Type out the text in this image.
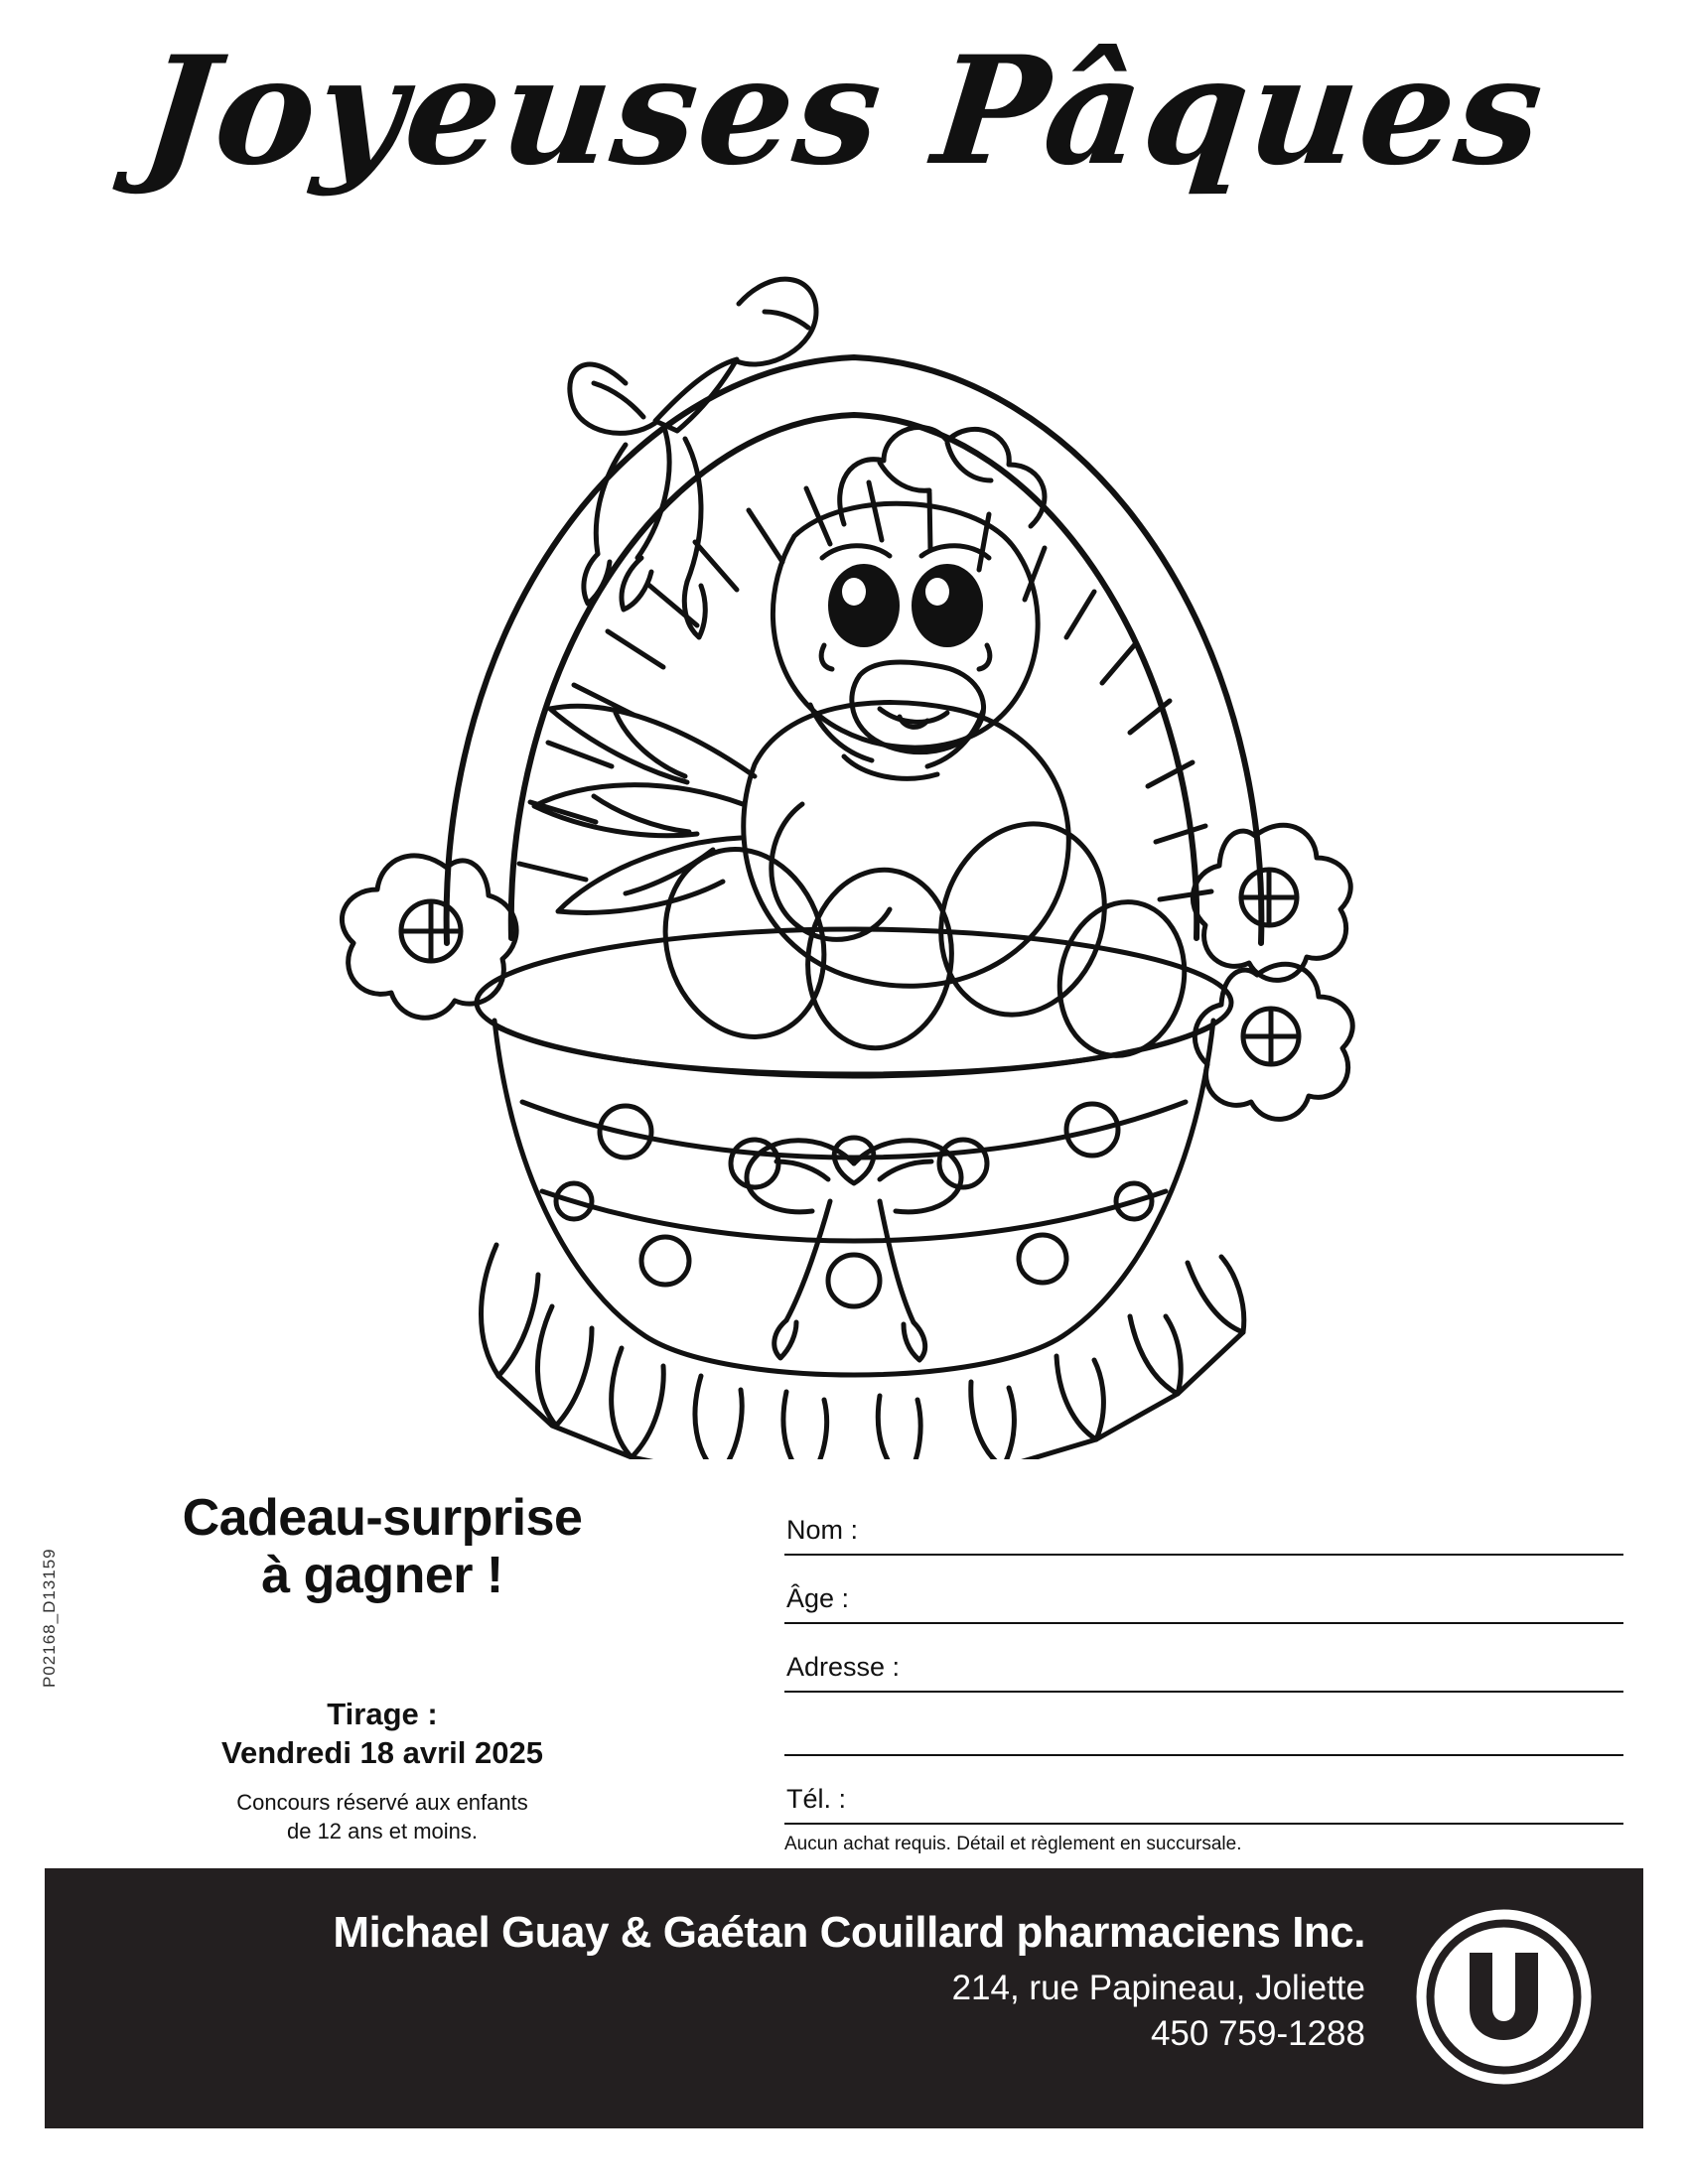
Joyeuses Pâques
P02168_D13159
Cadeau-surprise
à gagner !
Tirage :
Vendredi 18 avril 2025
Concours réservé aux enfants
de 12 ans et moins.
Nom :
Âge :
Adresse :
Tél. :
Aucun achat requis. Détail et règlement en succursale.
Michael Guay & Gaétan Couillard pharmaciens Inc.
214, rue Papineau, Joliette
450 759-1288
